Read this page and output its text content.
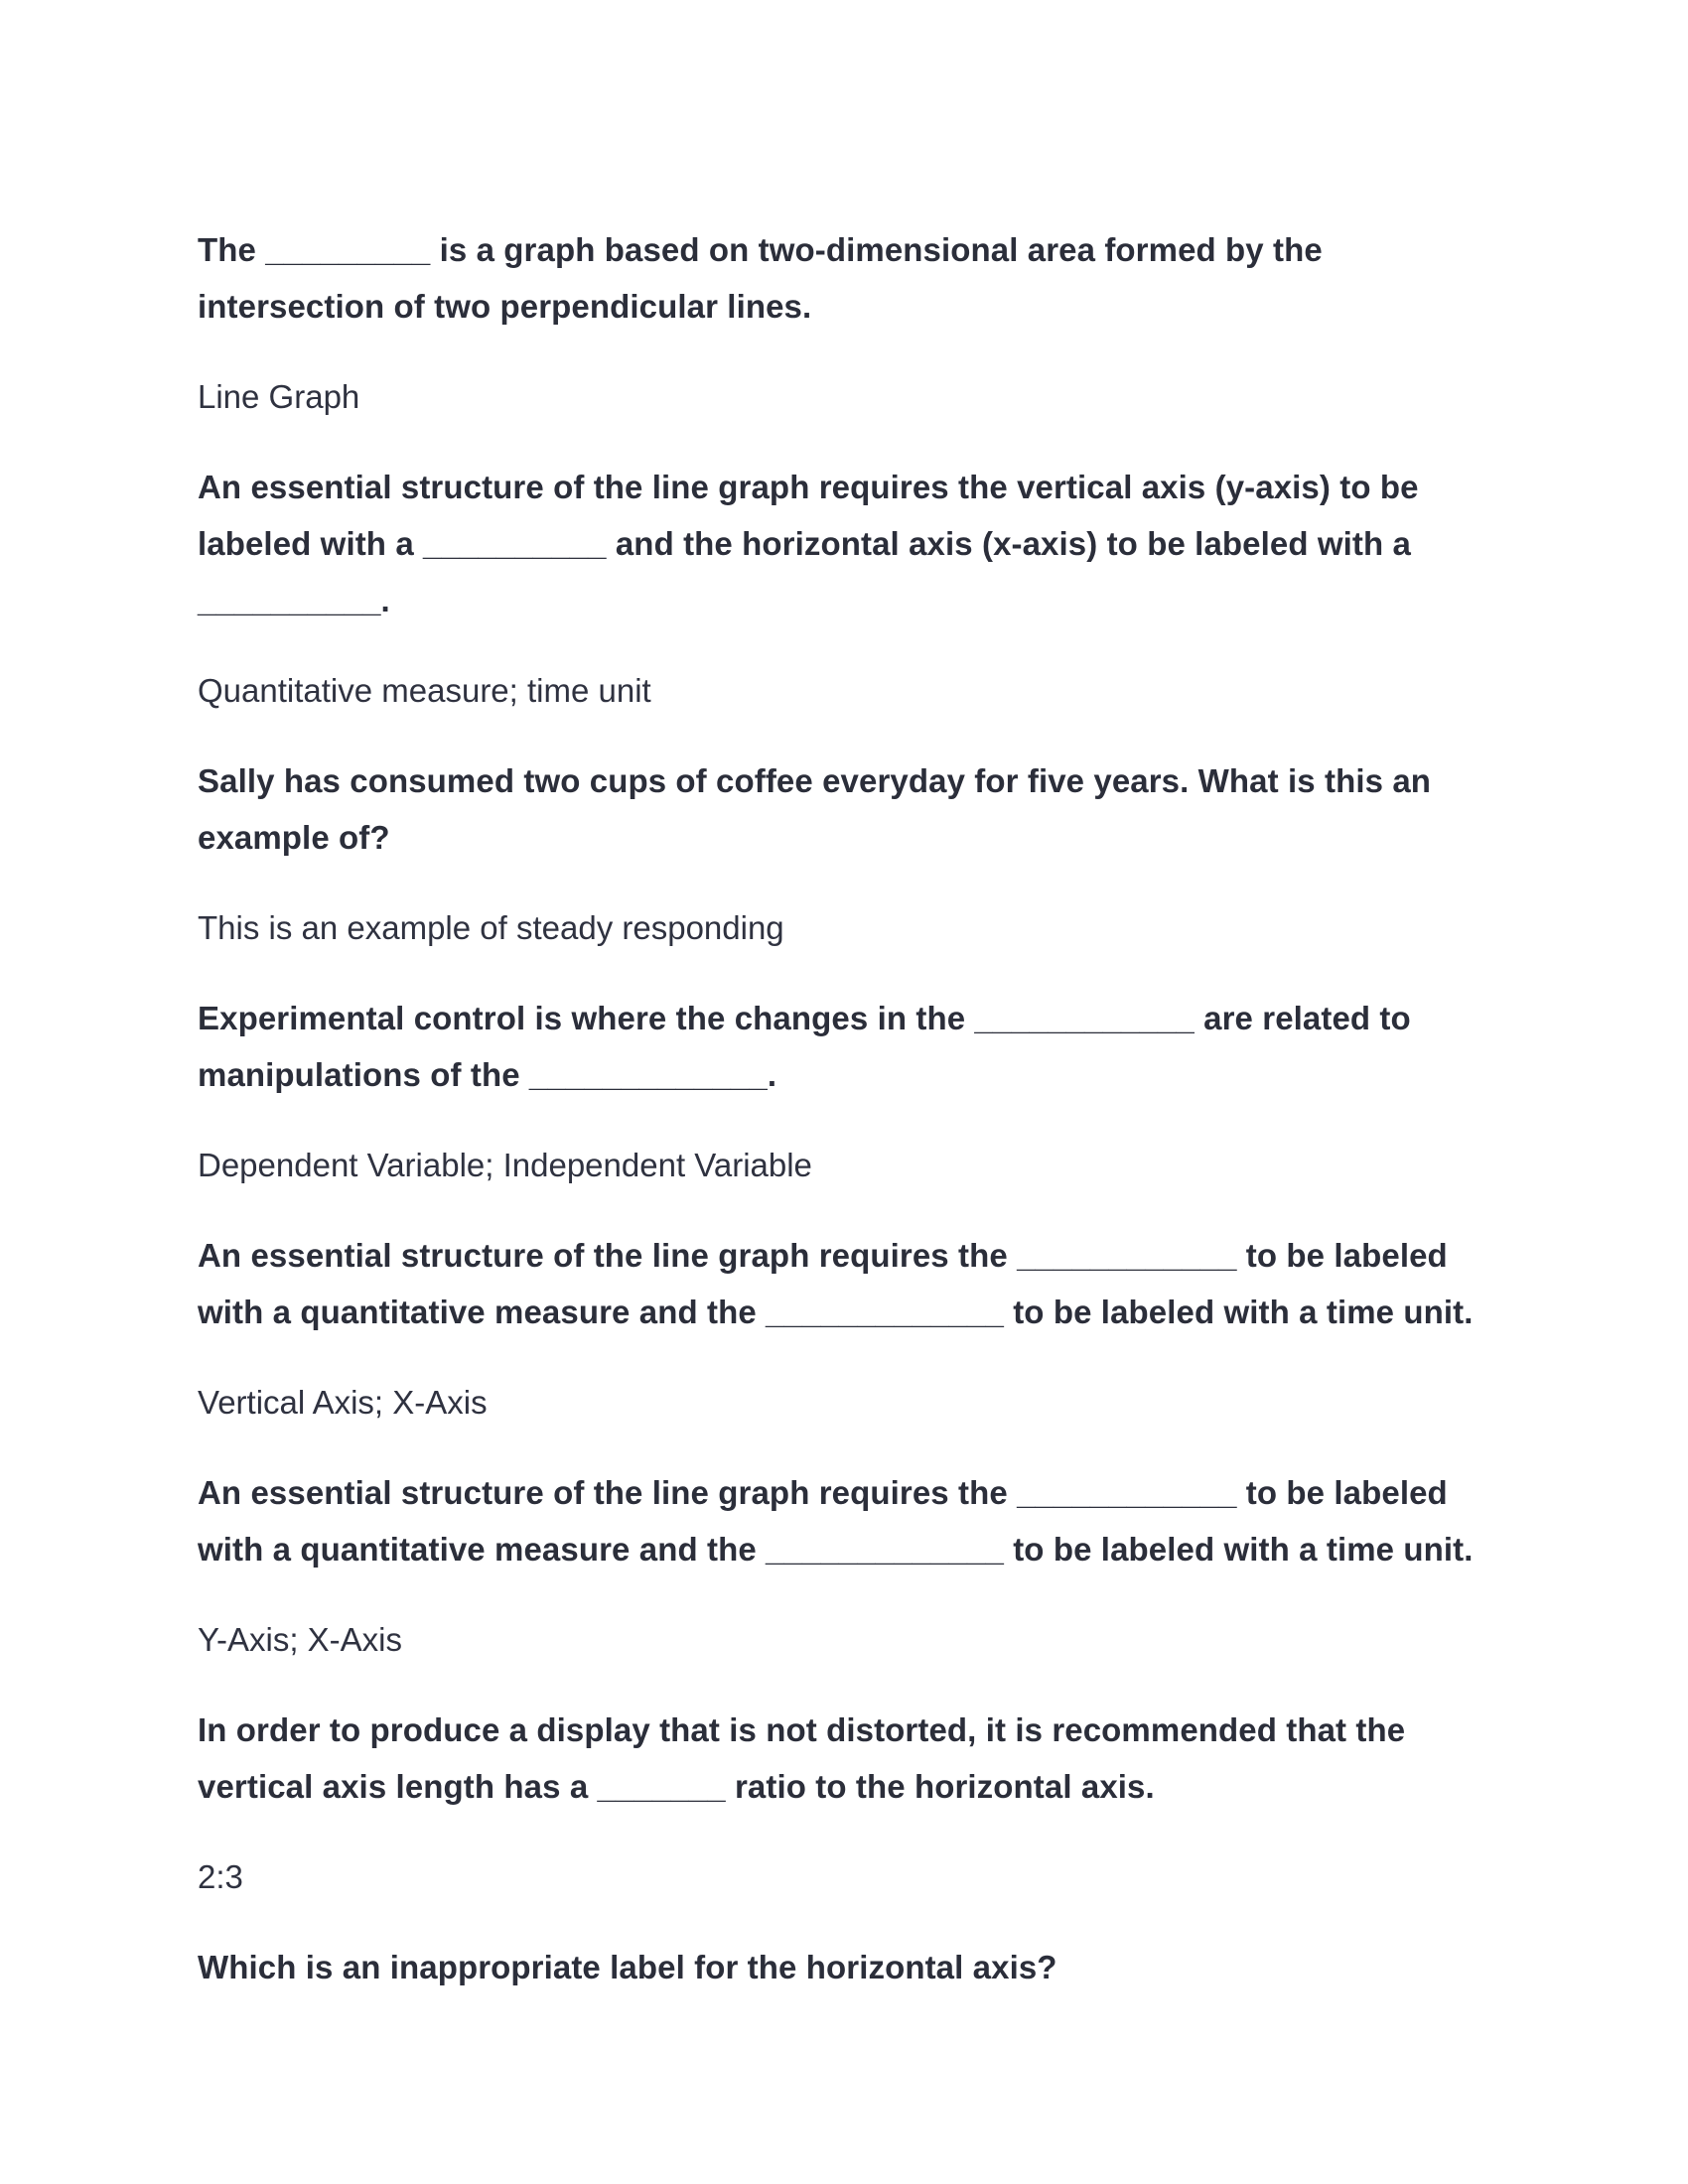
The _________ is a graph based on two-dimensional area formed by the intersection of two perpendicular lines.

Line Graph

An essential structure of the line graph requires the vertical axis (y-axis) to be labeled with a __________ and the horizontal axis (x-axis) to be labeled with a __________.

Quantitative measure; time unit

Sally has consumed two cups of coffee everyday for five years. What is this an example of?

This is an example of steady responding

Experimental control is where the changes in the ____________ are related to manipulations of the _____________.

Dependent Variable; Independent Variable

An essential structure of the line graph requires the ____________ to be labeled with a quantitative measure and the _____________ to be labeled with a time unit.

Vertical Axis; X-Axis

An essential structure of the line graph requires the ____________ to be labeled with a quantitative measure and the _____________ to be labeled with a time unit.

Y-Axis; X-Axis

In order to produce a display that is not distorted, it is recommended that the vertical axis length has a _______ ratio to the horizontal axis.

2:3

Which is an inappropriate label for the horizontal axis?
